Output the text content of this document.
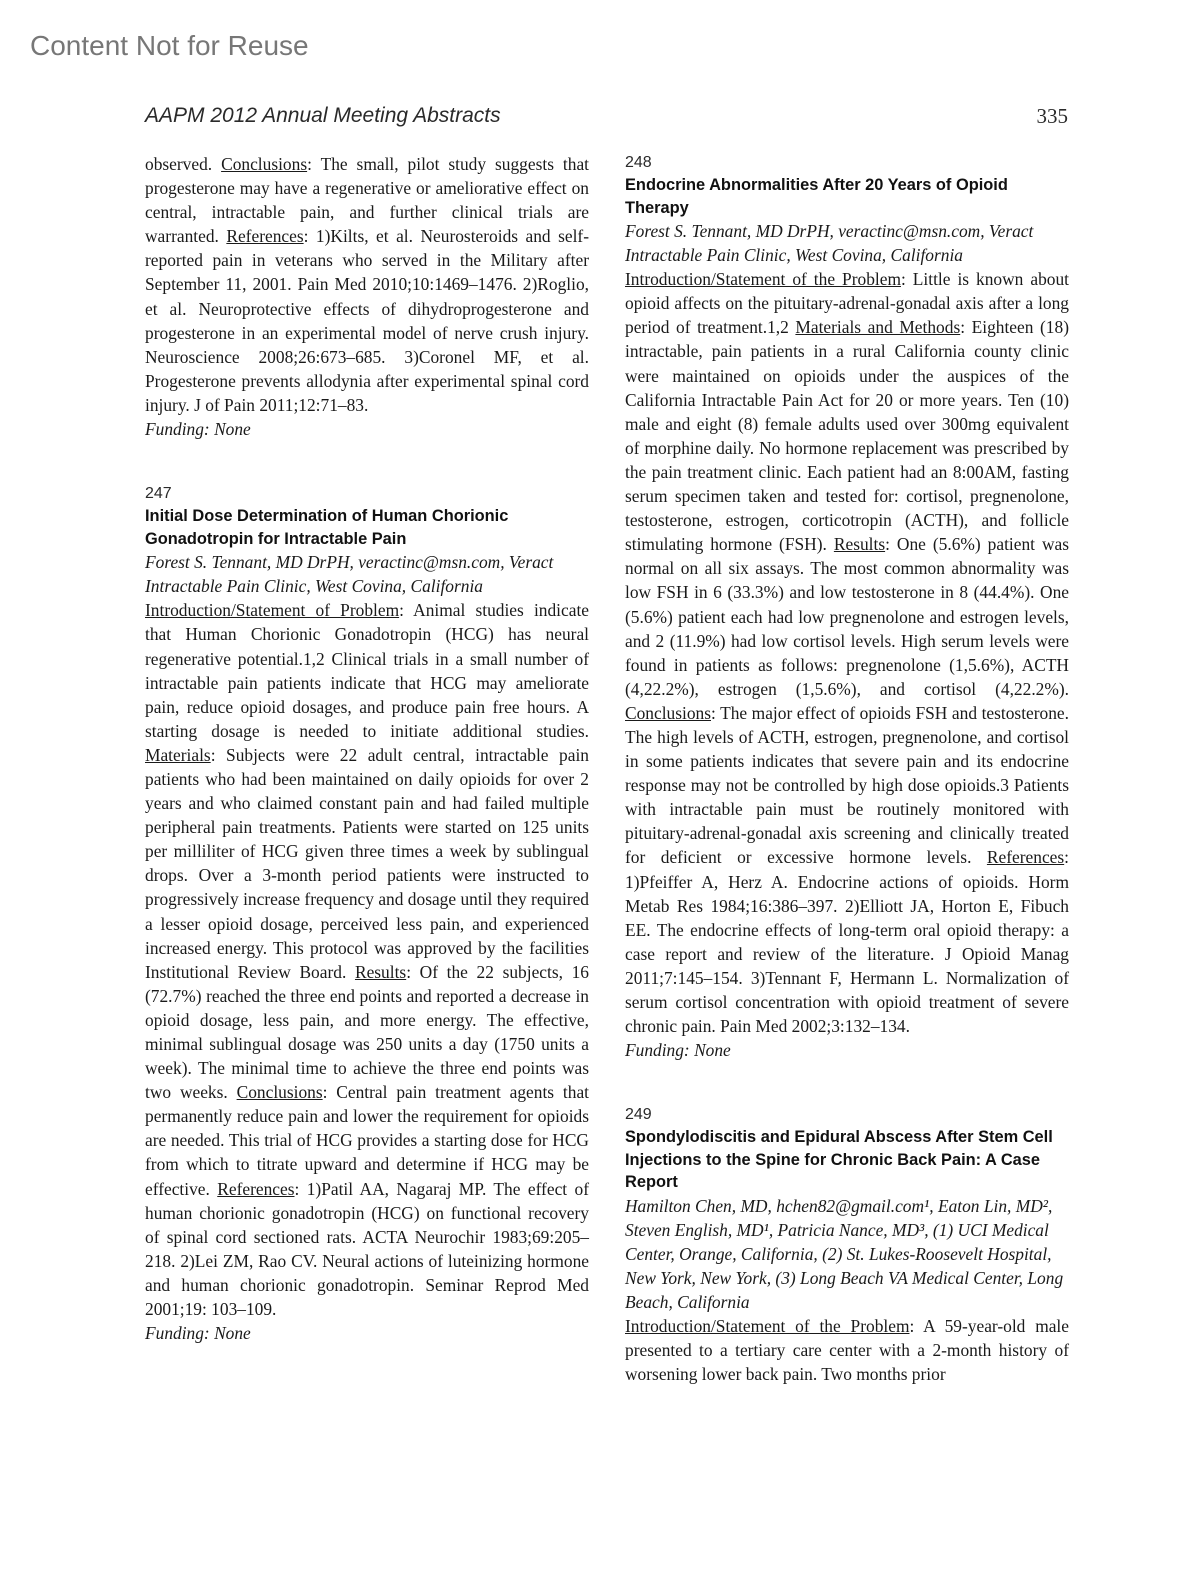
Content Not for Reuse
AAPM 2012 Annual Meeting Abstracts	335

observed. Conclusions: The small, pilot study suggests that progesterone may have a regenerative or ameliorative effect on central, intractable pain, and further clinical trials are warranted. References: 1)Kilts, et al. Neurosteroids and self-reported pain in veterans who served in the Military after September 11, 2001. Pain Med 2010;10:1469–1476. 2)Roglio, et al. Neuroprotective effects of dihydroprogesterone and progesterone in an experimental model of nerve crush injury. Neuroscience 2008;26:673–685. 3)Coronel MF, et al. Progesterone prevents allodynia after experimental spinal cord injury. J of Pain 2011;12:71–83.

Funding: None

247

Initial Dose Determination of Human Chorionic Gonadotropin for Intractable Pain

Forest S. Tennant, MD DrPH, veractinc@msn.com, Veract Intractable Pain Clinic, West Covina, California

Introduction/Statement of Problem: Animal studies indicate that Human Chorionic Gonadotropin (HCG) has neural regenerative potential.1,2 Clinical trials in a small number of intractable pain patients indicate that HCG may ameliorate pain, reduce opioid dosages, and produce pain free hours. A starting dosage is needed to initiate additional studies. Materials: Subjects were 22 adult central, intractable pain patients who had been maintained on daily opioids for over 2 years and who claimed constant pain and had failed multiple peripheral pain treatments. Patients were started on 125 units per milliliter of HCG given three times a week by sublingual drops. Over a 3-month period patients were instructed to progressively increase frequency and dosage until they required a lesser opioid dosage, perceived less pain, and experienced increased energy. This protocol was approved by the facilities Institutional Review Board. Results: Of the 22 subjects, 16 (72.7%) reached the three end points and reported a decrease in opioid dosage, less pain, and more energy. The effective, minimal sublingual dosage was 250 units a day (1750 units a week). The minimal time to achieve the three end points was two weeks. Conclusions: Central pain treatment agents that permanently reduce pain and lower the requirement for opioids are needed. This trial of HCG provides a starting dose for HCG from which to titrate upward and determine if HCG may be effective. References: 1)Patil AA, Nagaraj MP. The effect of human chorionic gonadotropin (HCG) on functional recovery of spinal cord sectioned rats. ACTA Neurochir 1983;69:205–218. 2)Lei ZM, Rao CV. Neural actions of luteinizing hormone and human chorionic gonadotropin. Seminar Reprod Med 2001;19: 103–109.

Funding: None

248

Endocrine Abnormalities After 20 Years of Opioid Therapy

Forest S. Tennant, MD DrPH, veractinc@msn.com, Veract Intractable Pain Clinic, West Covina, California

Introduction/Statement of the Problem: Little is known about opioid affects on the pituitary-adrenal-gonadal axis after a long period of treatment.1,2 Materials and Methods: Eighteen (18) intractable, pain patients in a rural California county clinic were maintained on opioids under the auspices of the California Intractable Pain Act for 20 or more years. Ten (10) male and eight (8) female adults used over 300mg equivalent of morphine daily. No hormone replacement was prescribed by the pain treatment clinic. Each patient had an 8:00AM, fasting serum specimen taken and tested for: cortisol, pregnenolone, testosterone, estrogen, corticotropin (ACTH), and follicle stimulating hormone (FSH). Results: One (5.6%) patient was normal on all six assays. The most common abnormality was low FSH in 6 (33.3%) and low testosterone in 8 (44.4%). One (5.6%) patient each had low pregnenolone and estrogen levels, and 2 (11.9%) had low cortisol levels. High serum levels were found in patients as follows: pregnenolone (1,5.6%), ACTH (4,22.2%), estrogen (1,5.6%), and cortisol (4,22.2%). Conclusions: The major effect of opioids FSH and testosterone. The high levels of ACTH, estrogen, pregnenolone, and cortisol in some patients indicates that severe pain and its endocrine response may not be controlled by high dose opioids.3 Patients with intractable pain must be routinely monitored with pituitary-adrenal-gonadal axis screening and clinically treated for deficient or excessive hormone levels. References: 1)Pfeiffer A, Herz A. Endocrine actions of opioids. Horm Metab Res 1984;16:386–397. 2)Elliott JA, Horton E, Fibuch EE. The endocrine effects of long-term oral opioid therapy: a case report and review of the literature. J Opioid Manag 2011;7:145–154. 3)Tennant F, Hermann L. Normalization of serum cortisol concentration with opioid treatment of severe chronic pain. Pain Med 2002;3:132–134.

Funding: None

249

Spondylodiscitis and Epidural Abscess After Stem Cell Injections to the Spine for Chronic Back Pain: A Case Report

Hamilton Chen, MD, hchen82@gmail.com¹, Eaton Lin, MD², Steven English, MD¹, Patricia Nance, MD³, (1) UCI Medical Center, Orange, California, (2) St. Lukes-Roosevelt Hospital, New York, New York, (3) Long Beach VA Medical Center, Long Beach, California

Introduction/Statement of the Problem: A 59-year-old male presented to a tertiary care center with a 2-month history of worsening lower back pain. Two months prior
